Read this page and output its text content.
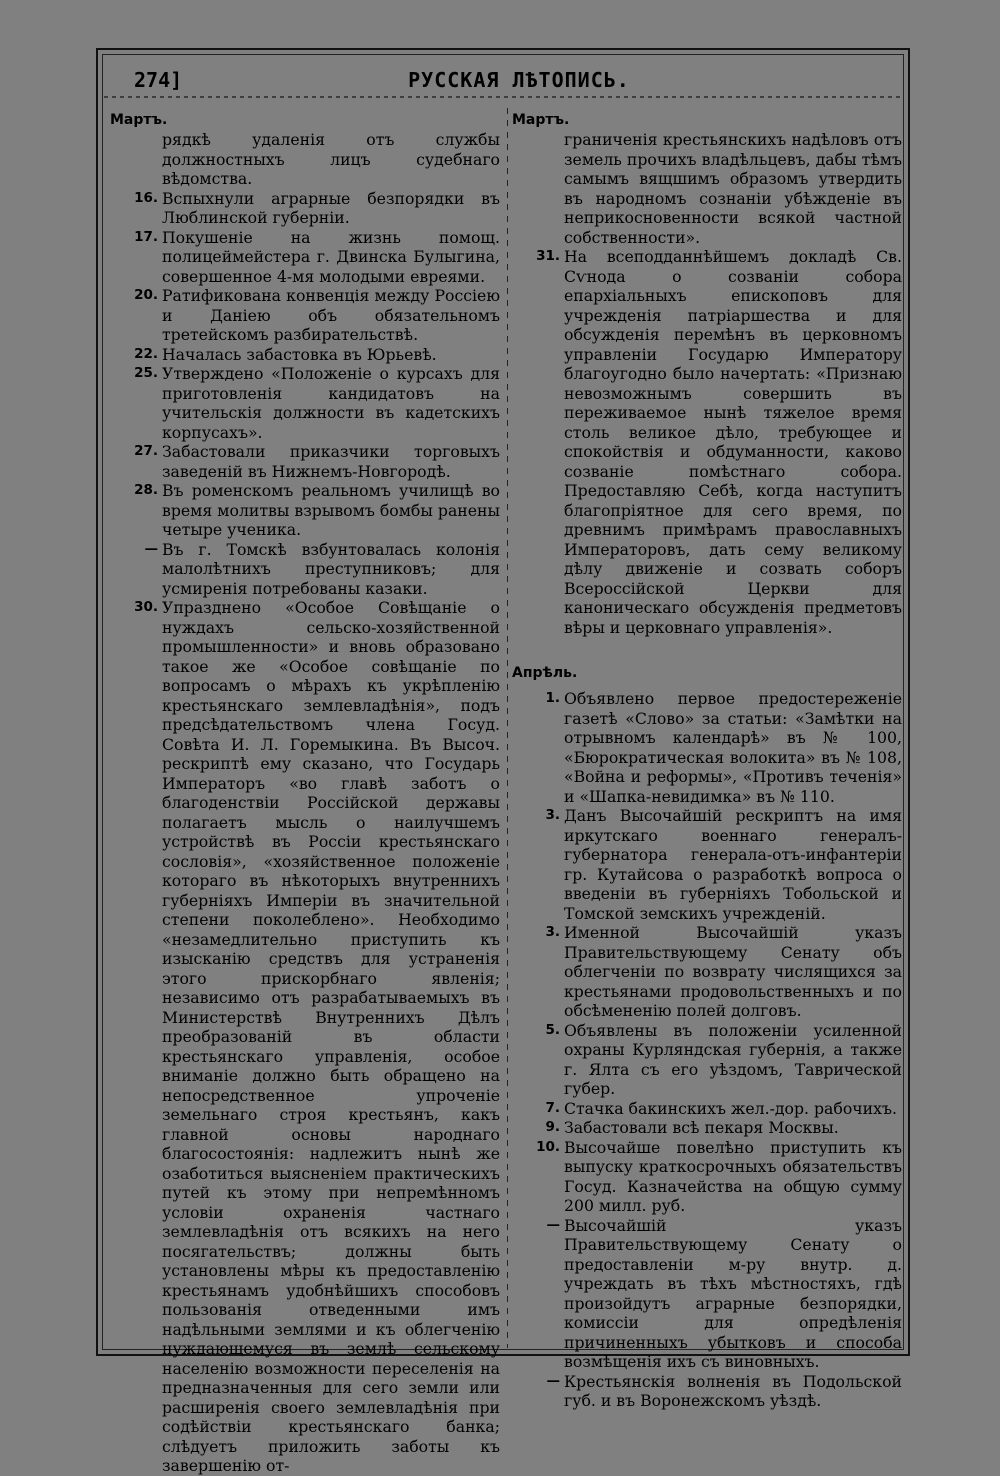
274]	РУССКАЯ ЛѢТОПИСЬ.
Мартъ.
рядкѣ удаленія отъ службы должностныхъ лицъ судебнаго вѣдомства.
16. Вспыхнули аграрные безпорядки въ Люблинской губерніи.
17. Покушеніе на жизнь помощ. полицеймейстера г. Двинска Булыгина, совершенное 4-мя молодыми евреями.
20. Ратификована конвенція между Россіею и Даніею объ обязательномъ третейскомъ разбирательствѣ.
22. Началась забастовка въ Юрьевѣ.
25. Утверждено «Положеніе о курсахъ для приготовленія кандидатовъ на учительскія должности въ кадетскихъ корпусахъ».
27. Забастовали приказчики торговыхъ заведеній въ Нижнемъ-Новгородѣ.
28. Въ роменскомъ реальномъ училищѣ во время молитвы взрывомъ бомбы ранены четыре ученика.
— Въ г. Томскѣ взбунтовалась колонія малолѣтнихъ преступниковъ; для усмиренія потребованы казаки.
30. Упразднено «Особое Совѣщаніе о нуждахъ сельско-хозяйственной промышленности» и вновь образовано такое же «Особое совѣщаніе по вопросамъ о мѣрахъ къ укрѣпленію крестьянскаго землевладѣнія», подъ предсѣдательствомъ члена Госуд. Совѣта И. Л. Горемыкина. Въ Высоч. рескриптѣ ему сказано, что Государь Императоръ «во главѣ заботъ о благоденствіи Россійской державы полагаетъ мысль о наилучшемъ устройствѣ въ Россіи крестьянскаго сословія», «хозяйственное положеніе котораго въ нѣкоторыхъ внутреннихъ губерніяхъ Имперіи въ значительной степени поколеблено». Необходимо «незамедлительно приступить къ изысканію средствъ для устраненія этого прискорбнаго явленія; независимо отъ разрабатываемыхъ въ Министерствѣ Внутреннихъ Дѣлъ преобразованій въ области крестьянскаго управленія, особое вниманіе должно быть обращено на непосредственное упроченіе земельнаго строя крестьянъ, какъ главной основы народнаго благосостоянія: надлежитъ нынѣ же озаботиться выясненіем практическихъ путей къ этому при непремѣнномъ условіи охраненія частнаго землевладѣнія отъ всякихъ на него посягательствъ; должны быть установлены мѣры къ предоставленію крестьянамъ удобнѣйшихъ способовъ пользованія отведенными имъ надѣльными землями и къ облегченію нуждающемуся въ землѣ сельскому населенію возможности переселенія на предназначенныя для сего земли или расширенія своего землевладѣнія при содѣйствіи крестьянскаго банка; слѣдуетъ приложить заботы къ завершенію от-
Мартъ.
граниченія крестьянскихъ надѣловъ отъ земель прочихъ владѣльцевъ, дабы тѣмъ самымъ вящшимъ образомъ утвердить въ народномъ сознаніи убѣжденіе въ неприкосновенности всякой частной собственности».
31. На всеподданнѣйшемъ докладѣ Св. Сѵнода о созваніи собора епархіальныхъ епископовъ для учрежденія патріаршества и для обсужденія перемѣнъ въ церковномъ управленіи Государю Императору благоугодно было начертать: «Признаю невозможнымъ совершить въ переживаемое нынѣ тяжелое время столь великое дѣло, требующее и спокойствія и обдуманности, каково созваніе помѣстнаго собора. Предоставляю Себѣ, когда наступитъ благопріятное для сего время, по древнимъ примѣрамъ православныхъ Императоровъ, дать сему великому дѣлу движеніе и созвать соборъ Всероссійской Церкви для каноническаго обсужденія предметовъ вѣры и церковнаго управленія».
Апрѣль.
1. Объявлено первое предостереженіе газетѣ «Слово» за статьи: «Замѣтки на отрывномъ календарѣ» въ № 100, «Бюрократическая волокита» въ № 108, «Война и реформы», «Противъ теченія» и «Шапка-невидимка» въ № 110.
3. Данъ Высочайшій рескриптъ на имя иркутскаго военнаго генералъ-губернатора генерала-отъ-инфантеріи гр. Кутайсова о разработкѣ вопроса о введеніи въ губерніяхъ Тобольской и Томской земскихъ учрежденій.
3. Именной Высочайшій указъ Правительствующему Сенату объ облегченіи по возврату числящихся за крестьянами продовольственныхъ и по обсѣмененію полей долговъ.
5. Объявлены въ положеніи усиленной охраны Курляндская губернія, а также г. Ялта съ его уѣздомъ, Таврической губер.
7. Стачка бакинскихъ жел.-дор. рабочихъ.
9. Забастовали всѣ пекаря Москвы.
10. Высочайше повелѣно приступить къ выпуску краткосрочныхъ обязательствъ Госуд. Казначейства на общую сумму 200 милл. руб.
— Высочайшій указъ Правительствующему Сенату о предоставленіи м-ру внутр. д. учреждать въ тѣхъ мѣстностяхъ, гдѣ произойдутъ аграрные безпорядки, комиссіи для опредѣленія причиненныхъ убытковъ и способа возмѣщенія ихъ съ виновныхъ.
— Крестьянскія волненія въ Подольской губ. и въ Воронежскомъ уѣздѣ.
